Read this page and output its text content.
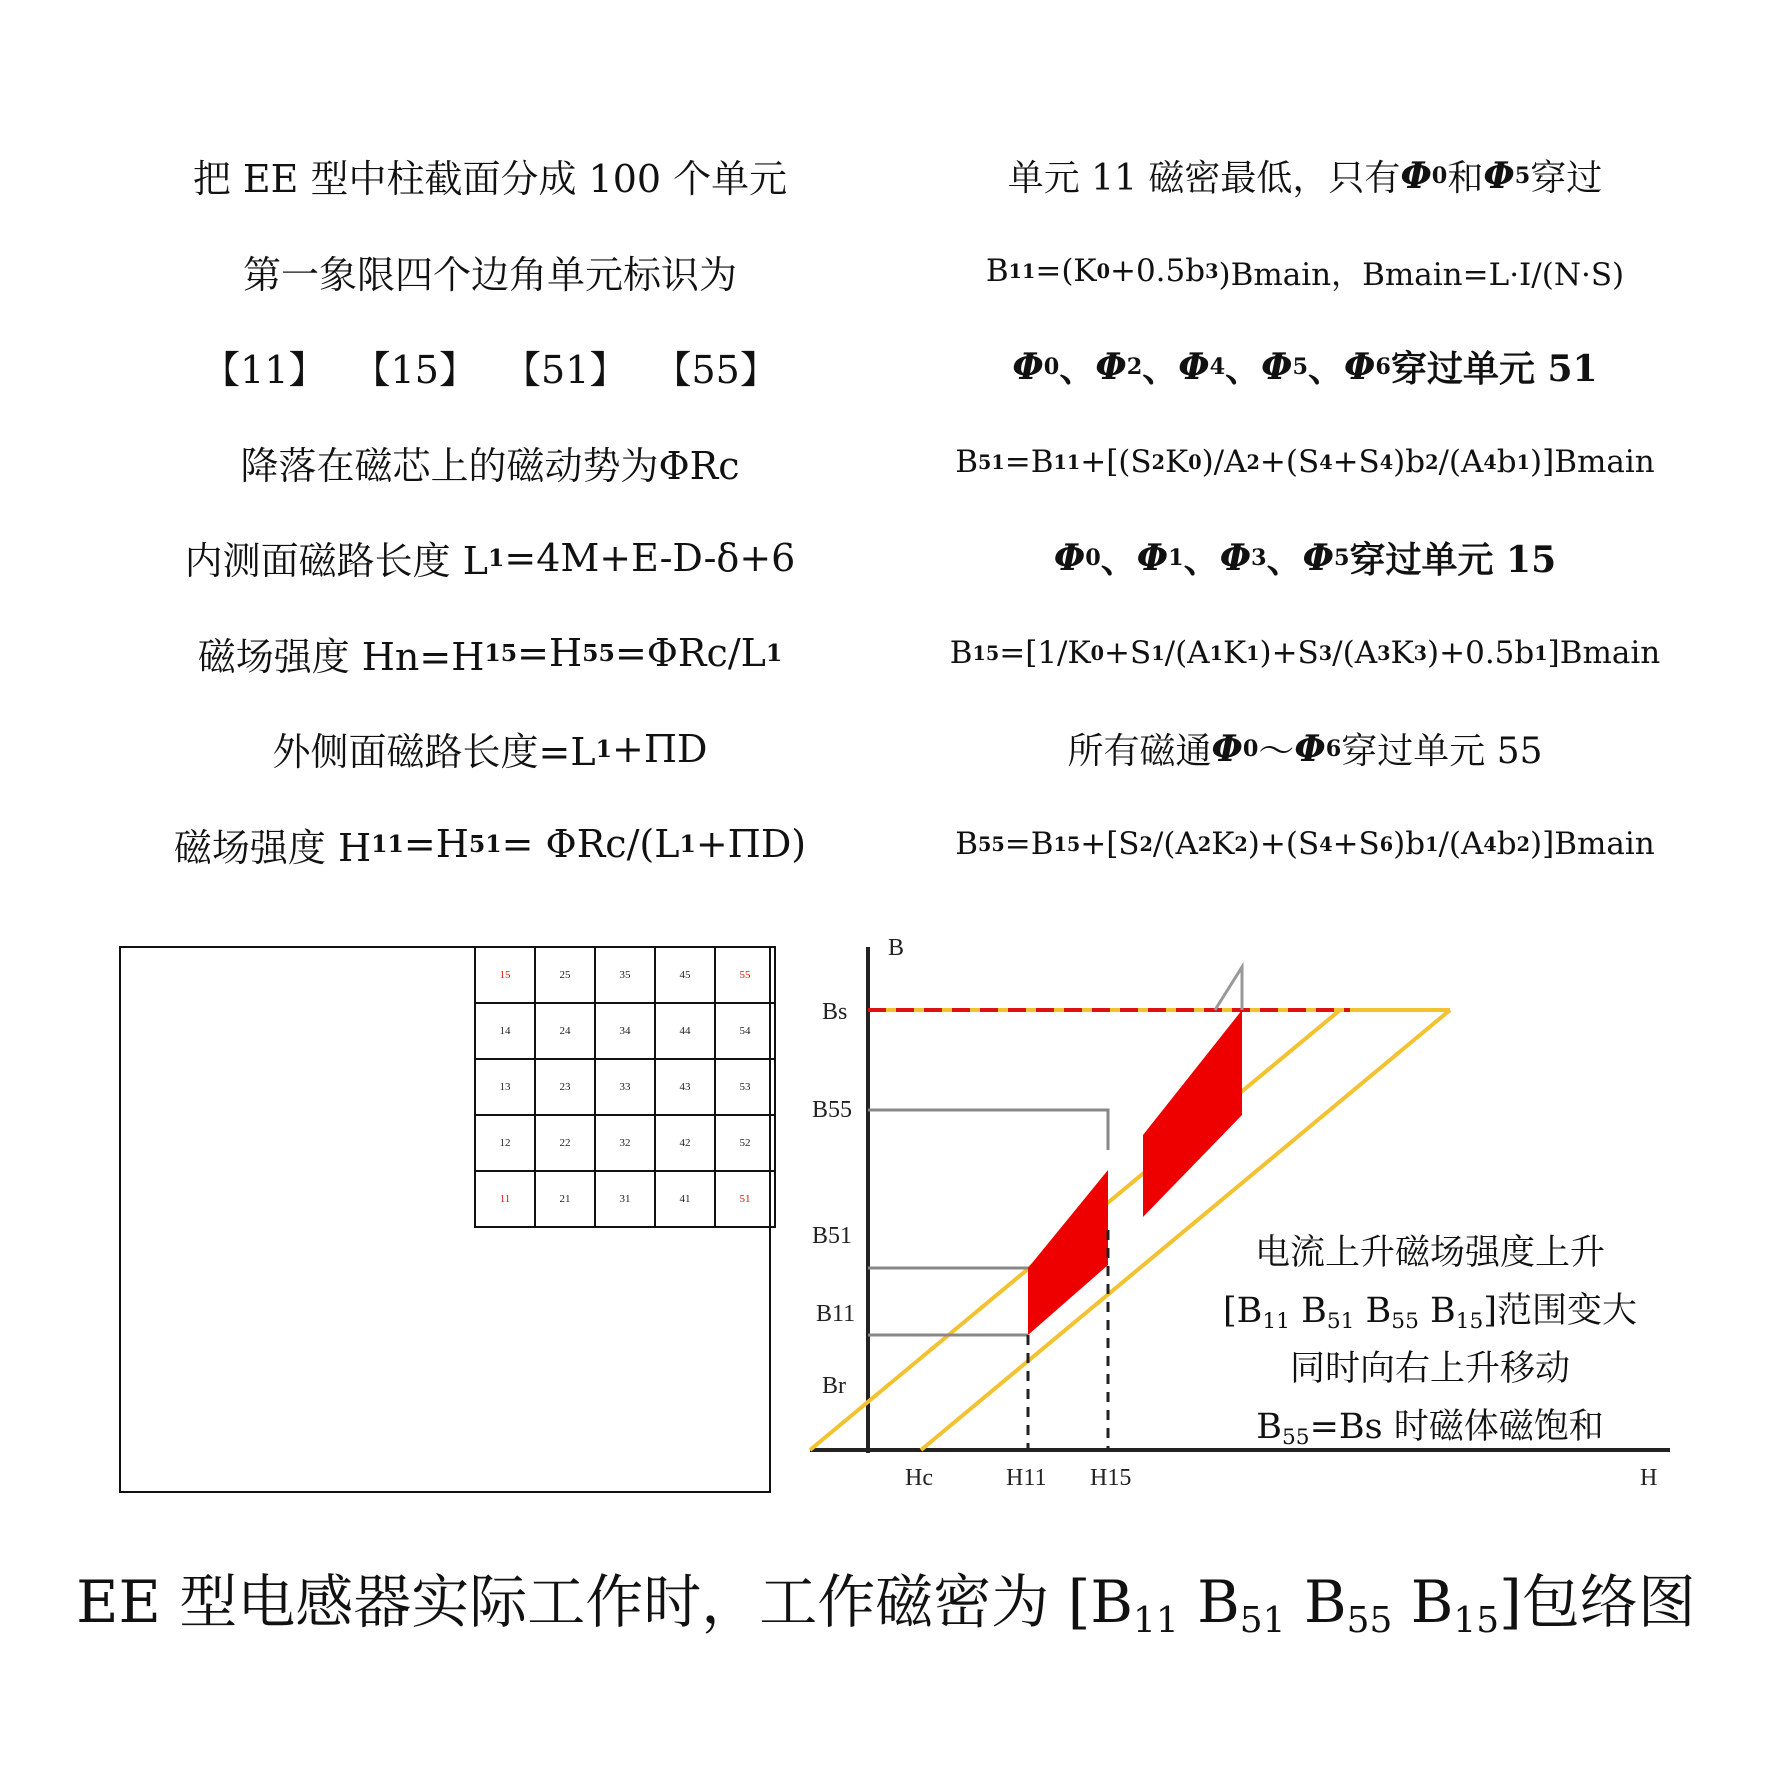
把 EE 型中柱截面分成 100 个单元
第一象限四个边角单元标识为
【11】 【15】 【51】 【55】
降落在磁芯上的磁动势为ΦRc
内测面磁路长度 L 1 =4M+E-D-δ+6
磁场强度 Hn=H 15 =H 55 =ΦRc/L 1
外侧面磁路长度=L 1 +ΠD
磁场强度 H 11 =H 51 = ΦRc/(L 1 +ΠD)
单元 11 磁密最低，只有 Φ 0 和 Φ 5 穿过
B 11 =(K 0 +0.5b 3 )Bmain，Bmain=L·I/(N·S)
Φ 0 、 Φ 2 、 Φ 4 、 Φ 5 、 Φ 6 穿过单元 51
B 51 =B 11 +[(S 2 K 0 )/A 2 +(S 4 +S 4 )b 2 /(A 4 b 1 )]Bmain
Φ 0 、 Φ 1 、 Φ 3 、 Φ 5 穿过单元 15
B 15 =[1/K 0 +S 1 /(A 1 K 1 )+S 3 /(A 3 K 3 )+0.5b 1 ]Bmain
所有磁通 Φ 0 ～ Φ 6 穿过单元 55
B 55 =B 15 +[S 2 /(A 2 K 2 )+(S 4 +S 6 )b 1 /(A 4 b 2 )]Bmain
15	25	35	45	55
14	24	34	44	54
13	23	33	43	53
12	22	32	42	52
11	21	31	41	51
B
H
Bs
B55
B51
B11
Br
Hc	H11 H15
电流上升磁场强度上升
[$B_{11}$ $B_{51}$ $B_{55}$ $B_{15}$]范围变大
同时向右上升移动
$B_{55}=Bs$ 时磁体磁饱和
EE 型电感器实际工作时，工作磁密为 [$B_{11}$ $B_{51}$ $B_{55}$ $B_{15}$]包络图
